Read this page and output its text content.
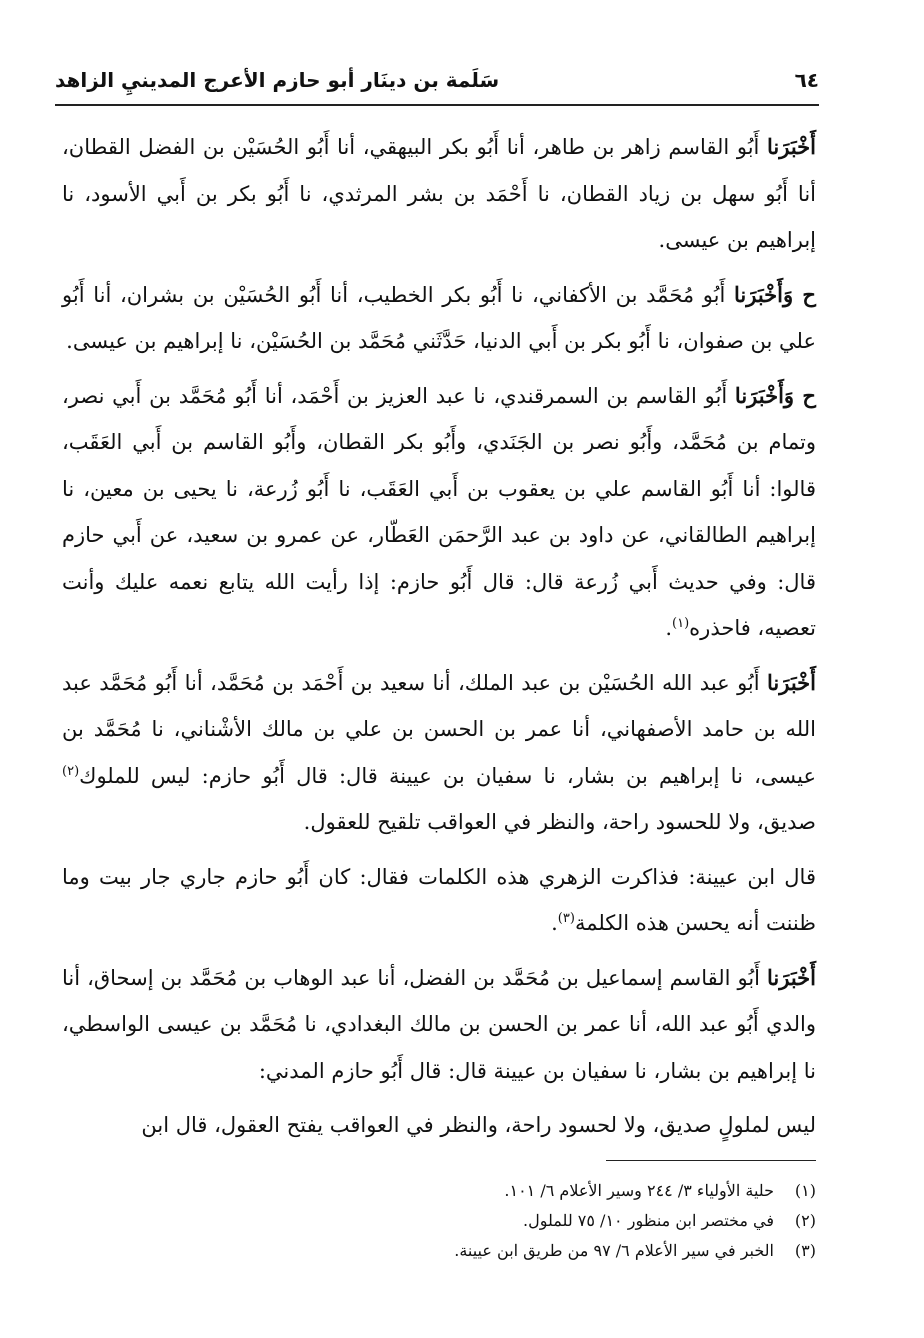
٦٤
سَلَمة بن دينَار أبو حازم الأعرج المدينيِ الزاهد

أَخْبَرَنا أَبُو القاسم زاهر بن طاهر، أنا أَبُو بكر البيهقي، أنا أَبُو الحُسَيْن بن الفضل القطان، أنا أَبُو سهل بن زياد القطان، نا أَحْمَد بن بشر المرثدي، نا أَبُو بكر بن أَبي الأسود، نا إبراهيم بن عيسى.

ح وَأَخْبَرَنا أَبُو مُحَمَّد بن الأكفاني، نا أَبُو بكر الخطيب، أنا أَبُو الحُسَيْن بن بشران، أنا أَبُو علي بن صفوان، نا أَبُو بكر بن أَبي الدنيا، حَدَّثَني مُحَمَّد بن الحُسَيْن، نا إبراهيم بن عيسى.

ح وَأَخْبَرَنا أَبُو القاسم بن السمرقندي، نا عبد العزيز بن أَحْمَد، أنا أَبُو مُحَمَّد بن أَبي نصر، وتمام بن مُحَمَّد، وأَبُو نصر بن الجَنَدي، وأَبُو بكر القطان، وأَبُو القاسم بن أَبي العَقَب، قالوا: أنا أَبُو القاسم علي بن يعقوب بن أَبي العَقَب، نا أَبُو زُرعة، نا يحيى بن معين، نا إبراهيم الطالقاني، عن داود بن عبد الرَّحمَن العَطّار، عن عمرو بن سعيد، عن أَبي حازم قال: وفي حديث أَبي زُرعة قال: قال أَبُو حازم: إذا رأيت الله يتابع نعمه عليك وأنت تعصيه، فاحذره$^{(١)}$.

أَخْبَرَنا أَبُو عبد الله الحُسَيْن بن عبد الملك، أنا سعيد بن أَحْمَد بن مُحَمَّد، أنا أَبُو مُحَمَّد عبد الله بن حامد الأصفهاني، أنا عمر بن الحسن بن علي بن مالك الأشْناني، نا مُحَمَّد بن عيسى، نا إبراهيم بن بشار، نا سفيان بن عيينة قال: قال أَبُو حازم: ليس للملوك$^{(٢)}$ صديق، ولا للحسود راحة، والنظر في العواقب تلقيح للعقول.

قال ابن عيينة: فذاكرت الزهري هذه الكلمات فقال: كان أَبُو حازم جاري جار بيت وما ظننت أنه يحسن هذه الكلمة$^{(٣)}$.

أَخْبَرَنا أَبُو القاسم إسماعيل بن مُحَمَّد بن الفضل، أنا عبد الوهاب بن مُحَمَّد بن إسحاق، أنا والدي أَبُو عبد الله، أنا عمر بن الحسن بن مالك البغدادي، نا مُحَمَّد بن عيسى الواسطي، نا إبراهيم بن بشار، نا سفيان بن عيينة قال: قال أَبُو حازم المدني:

ليس لملولٍ صديق، ولا لحسود راحة، والنظر في العواقب يفتح العقول، قال ابن

(١)
حلية الأولياء ٣/ ٢٤٤ وسير الأعلام ٦/ ١٠١.
(٢)
في مختصر ابن منظور ١٠/ ٧٥ للملول.
(٣)
الخبر في سير الأعلام ٦/ ٩٧ من طريق ابن عيينة.
